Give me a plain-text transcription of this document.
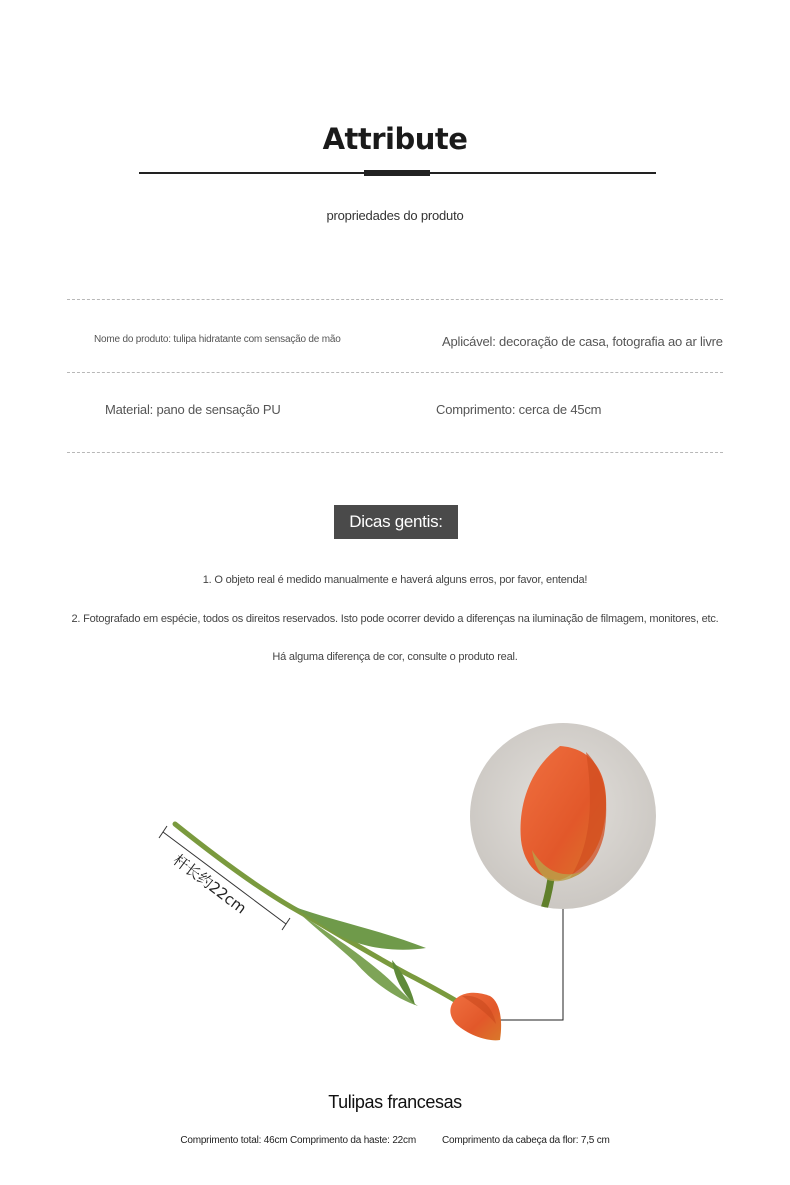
Attribute
propriedades do produto
Nome do produto: tulipa hidratante com sensação de mão	Aplicável: decoração de casa, fotografia ao ar livre
Material: pano de sensação PU	Comprimento: cerca de 45cm
Dicas gentis:
1. O objeto real é medido manualmente e haverá alguns erros, por favor, entenda!
2. Fotografado em espécie, todos os direitos reservados. Isto pode ocorrer devido a diferenças na iluminação de filmagem, monitores, etc.
Há alguma diferença de cor, consulte o produto real.
杆长约22cm
Tulipas francesas
Comprimento total: 46cm Comprimento da haste: 22cm	Comprimento da cabeça da flor: 7,5 cm
